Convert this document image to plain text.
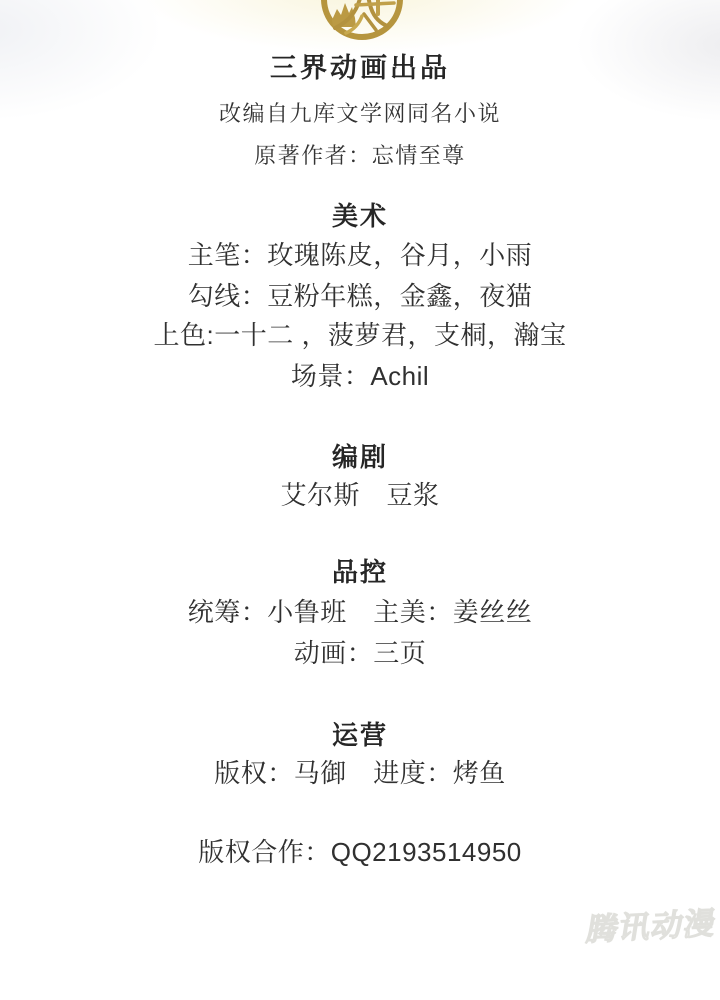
三界动画出品
改编自九库文学网同名小说
原著作者：忘情至尊
美术
主笔：玫瑰陈皮，谷月，小雨
勾线：豆粉年糕，金鑫，夜猫
上色:一十二 ，菠萝君，支桐，瀚宝
场景：Achil
编剧
艾尔斯　豆浆
品控
统筹：小鲁班　主美：姜丝丝
动画：三页
运营
版权：马御　进度：烤鱼
版权合作：QQ2193514950
腾讯动漫
